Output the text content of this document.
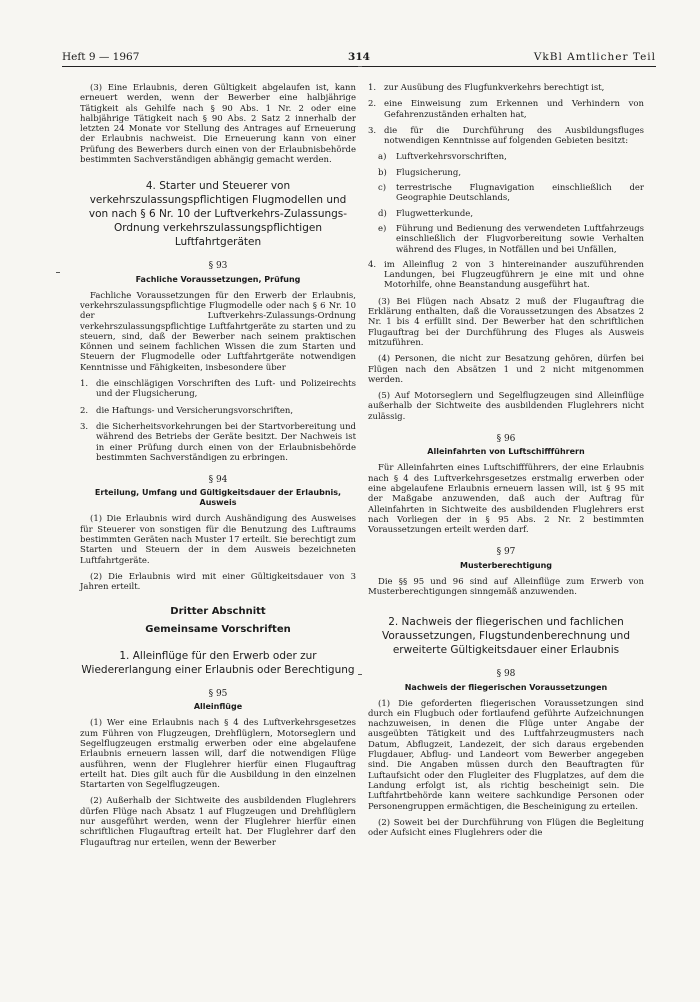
Heft 9 — 1967	314	VkBl Amtlicher Teil

(3) Eine Erlaubnis, deren Gültigkeit abgelaufen ist, kann erneuert werden, wenn der Bewerber eine halbjährige Tätigkeit als Gehilfe nach § 90 Abs. 1 Nr. 2 oder eine halbjährige Tätigkeit nach § 90 Abs. 2 Satz 2 innerhalb der letzten 24 Monate vor Stellung des Antrages auf Erneuerung der Erlaubnis nachweist. Die Erneuerung kann von einer Prüfung des Bewerbers durch einen von der Erlaubnisbehörde bestimmten Sachverständigen abhängig gemacht werden.

4. Starter und Steuerer von verkehrszulassungspflichtigen Flugmodellen und von nach § 6 Nr. 10 der Luftverkehrs-Zulassungs-Ordnung verkehrszulassungspflichtigen Luftfahrtgeräten
§ 93
Fachliche Voraussetzungen, Prüfung

Fachliche Voraussetzungen für den Erwerb der Erlaubnis, verkehrszulassungspflichtige Flugmodelle oder nach § 6 Nr. 10 der Luftverkehrs-Zulassungs-Ordnung verkehrszulassungspflichtige Luftfahrtgeräte zu starten und zu steuern, sind, daß der Bewerber nach seinem praktischen Können und seinem fachlichen Wissen die zum Starten und Steuern der Flugmodelle oder Luftfahrtgeräte notwendigen Kenntnisse und Fähigkeiten, insbesondere über

1. die einschlägigen Vorschriften des Luft- und Polizeirechts und der Flugsicherung,
2. die Haftungs- und Versicherungsvorschriften,
3. die Sicherheitsvorkehrungen bei der Startvorbereitung und während des Betriebs der Geräte besitzt. Der Nachweis ist in einer Prüfung durch einen von der Erlaubnisbehörde bestimmten Sachverständigen zu erbringen.
§ 94
Erteilung, Umfang und Gültigkeitsdauer der Erlaubnis, Ausweis

(1) Die Erlaubnis wird durch Aushändigung des Ausweises für Steuerer von sonstigen für die Benutzung des Luftraums bestimmten Geräten nach Muster 17 erteilt. Sie berechtigt zum Starten und Steuern der in dem Ausweis bezeichneten Luftfahrtgeräte.

(2) Die Erlaubnis wird mit einer Gültigkeitsdauer von 3 Jahren erteilt.

Dritter Abschnitt
Gemeinsame Vorschriften
1. Alleinflüge für den Erwerb oder zur Wiedererlangung einer Erlaubnis oder Berechtigung
§ 95
Alleinflüge

(1) Wer eine Erlaubnis nach § 4 des Luftverkehrsgesetzes zum Führen von Flugzeugen, Drehflüglern, Motorseglern und Segelflugzeugen erstmalig erwerben oder eine abgelaufene Erlaubnis erneuern lassen will, darf die notwendigen Flüge ausführen, wenn der Fluglehrer hierfür einen Flugauftrag erteilt hat. Dies gilt auch für die Ausbildung in den einzelnen Startarten von Segelflugzeugen.

(2) Außerhalb der Sichtweite des ausbildenden Fluglehrers dürfen Flüge nach Absatz 1 auf Flugzeugen und Drehflüglern nur ausgeführt werden, wenn der Fluglehrer hierfür einen schriftlichen Flugauftrag erteilt hat. Der Fluglehrer darf den Flugauftrag nur erteilen, wenn der Bewerber

1. zur Ausübung des Flugfunkverkehrs berechtigt ist,
2. eine Einweisung zum Erkennen und Verhindern von Gefahrenzuständen erhalten hat,
3. die für die Durchführung des Ausbildungsfluges notwendigen Kenntnisse auf folgenden Gebieten besitzt:
a)	Luftverkehrsvorschriften,
b)	Flugsicherung,
c)	terrestrische Flugnavigation einschließlich der Geographie Deutschlands,
d)	Flugwetterkunde,
e)	Führung und Bedienung des verwendeten Luftfahrzeugs einschließlich der Flugvorbereitung sowie Verhalten während des Fluges, in Notfällen und bei Unfällen,
4. im Alleinflug 2 von 3 hintereinander auszuführenden Landungen, bei Flugzeugführern je eine mit und ohne Motorhilfe, ohne Beanstandung ausgeführt hat.

(3) Bei Flügen nach Absatz 2 muß der Flugauftrag die Erklärung enthalten, daß die Voraussetzungen des Absatzes 2 Nr. 1 bis 4 erfüllt sind. Der Bewerber hat den schriftlichen Flugauftrag bei der Durchführung des Fluges als Ausweis mitzuführen.

(4) Personen, die nicht zur Besatzung gehören, dürfen bei Flügen nach den Absätzen 1 und 2 nicht mitgenommen werden.

(5) Auf Motorseglern und Segelflugzeugen sind Alleinflüge außerhalb der Sichtweite des ausbildenden Fluglehrers nicht zulässig.

§ 96
Alleinfahrten von Luftschiffführern

Für Alleinfahrten eines Luftschiffführers, der eine Erlaubnis nach § 4 des Luftverkehrsgesetzes erstmalig erwerben oder eine abgelaufene Erlaubnis erneuern lassen will, ist § 95 mit der Maßgabe anzuwenden, daß auch der Auftrag für Alleinfahrten in Sichtweite des ausbildenden Fluglehrers erst nach Vorliegen der in § 95 Abs. 2 Nr. 2 bestimmten Voraussetzungen erteilt werden darf.

§ 97
Musterberechtigung

Die §§ 95 und 96 sind auf Alleinflüge zum Erwerb von Musterberechtigungen sinngemäß anzuwenden.

2. Nachweis der fliegerischen und fachlichen Voraussetzungen, Flugstundenberechnung und erweiterte Gültigkeitsdauer einer Erlaubnis
§ 98
Nachweis der fliegerischen Voraussetzungen

(1) Die geforderten fliegerischen Voraussetzungen sind durch ein Flugbuch oder fortlaufend geführte Aufzeichnungen nachzuweisen, in denen die Flüge unter Angabe der ausgeübten Tätigkeit und des Luftfahrzeugmusters nach Datum, Abflugzeit, Landezeit, der sich daraus ergebenden Flugdauer, Abflug- und Landeort vom Bewerber angegeben sind. Die Angaben müssen durch den Beauftragten für Luftaufsicht oder den Flugleiter des Flugplatzes, auf dem die Landung erfolgt ist, als richtig bescheinigt sein. Die Luftfahrtbehörde kann weitere sachkundige Personen oder Personengruppen ermächtigen, die Bescheinigung zu erteilen.

(2) Soweit bei der Durchführung von Flügen die Begleitung oder Aufsicht eines Fluglehrers oder die
